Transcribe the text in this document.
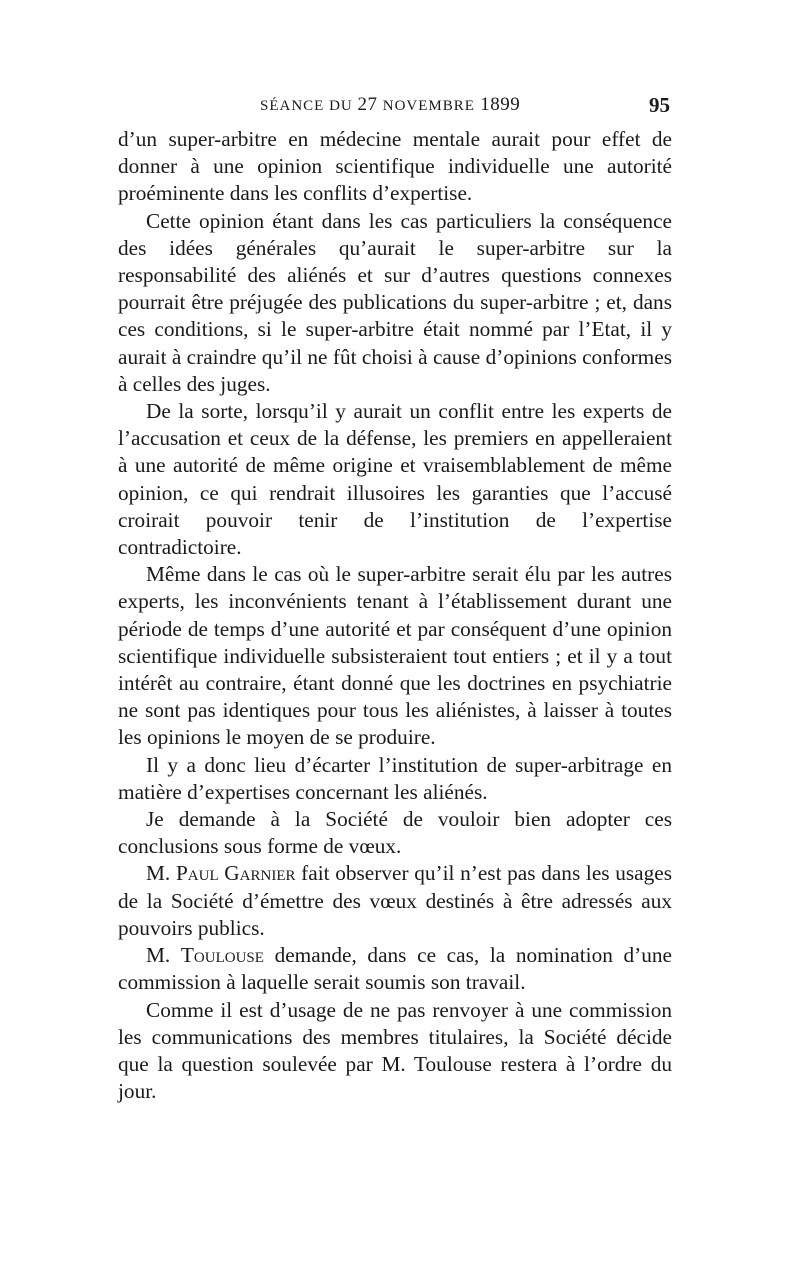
SÉANCE DU 27 NOVEMBRE 1899	95

d’un super-arbitre en médecine mentale aurait pour effet de donner à une opinion scientifique individuelle une autorité proéminente dans les conflits d’expertise.

Cette opinion étant dans les cas particuliers la conséquence des idées générales qu’aurait le super-arbitre sur la responsabilité des aliénés et sur d’autres questions connexes pourrait être préjugée des publications du super-arbitre ; et, dans ces conditions, si le super-arbitre était nommé par l’Etat, il y aurait à craindre qu’il ne fût choisi à cause d’opinions conformes à celles des juges.

De la sorte, lorsqu’il y aurait un conflit entre les experts de l’accusation et ceux de la défense, les premiers en appelleraient à une autorité de même origine et vraisemblablement de même opinion, ce qui rendrait illusoires les garanties que l’accusé croirait pouvoir tenir de l’institution de l’expertise contradictoire.

Même dans le cas où le super-arbitre serait élu par les autres experts, les inconvénients tenant à l’établissement durant une période de temps d’une autorité et par conséquent d’une opinion scientifique individuelle subsisteraient tout entiers ; et il y a tout intérêt au contraire, étant donné que les doctrines en psychiatrie ne sont pas identiques pour tous les aliénistes, à laisser à toutes les opinions le moyen de se produire.

Il y a donc lieu d’écarter l’institution de super-arbitrage en matière d’expertises concernant les aliénés.

Je demande à la Société de vouloir bien adopter ces conclusions sous forme de vœux.

M. Paul Garnier fait observer qu’il n’est pas dans les usages de la Société d’émettre des vœux destinés à être adressés aux pouvoirs publics.

M. Toulouse demande, dans ce cas, la nomination d’une commission à laquelle serait soumis son travail.

Comme il est d’usage de ne pas renvoyer à une commission les communications des membres titulaires, la Société décide que la question soulevée par M. Toulouse restera à l’ordre du jour.
